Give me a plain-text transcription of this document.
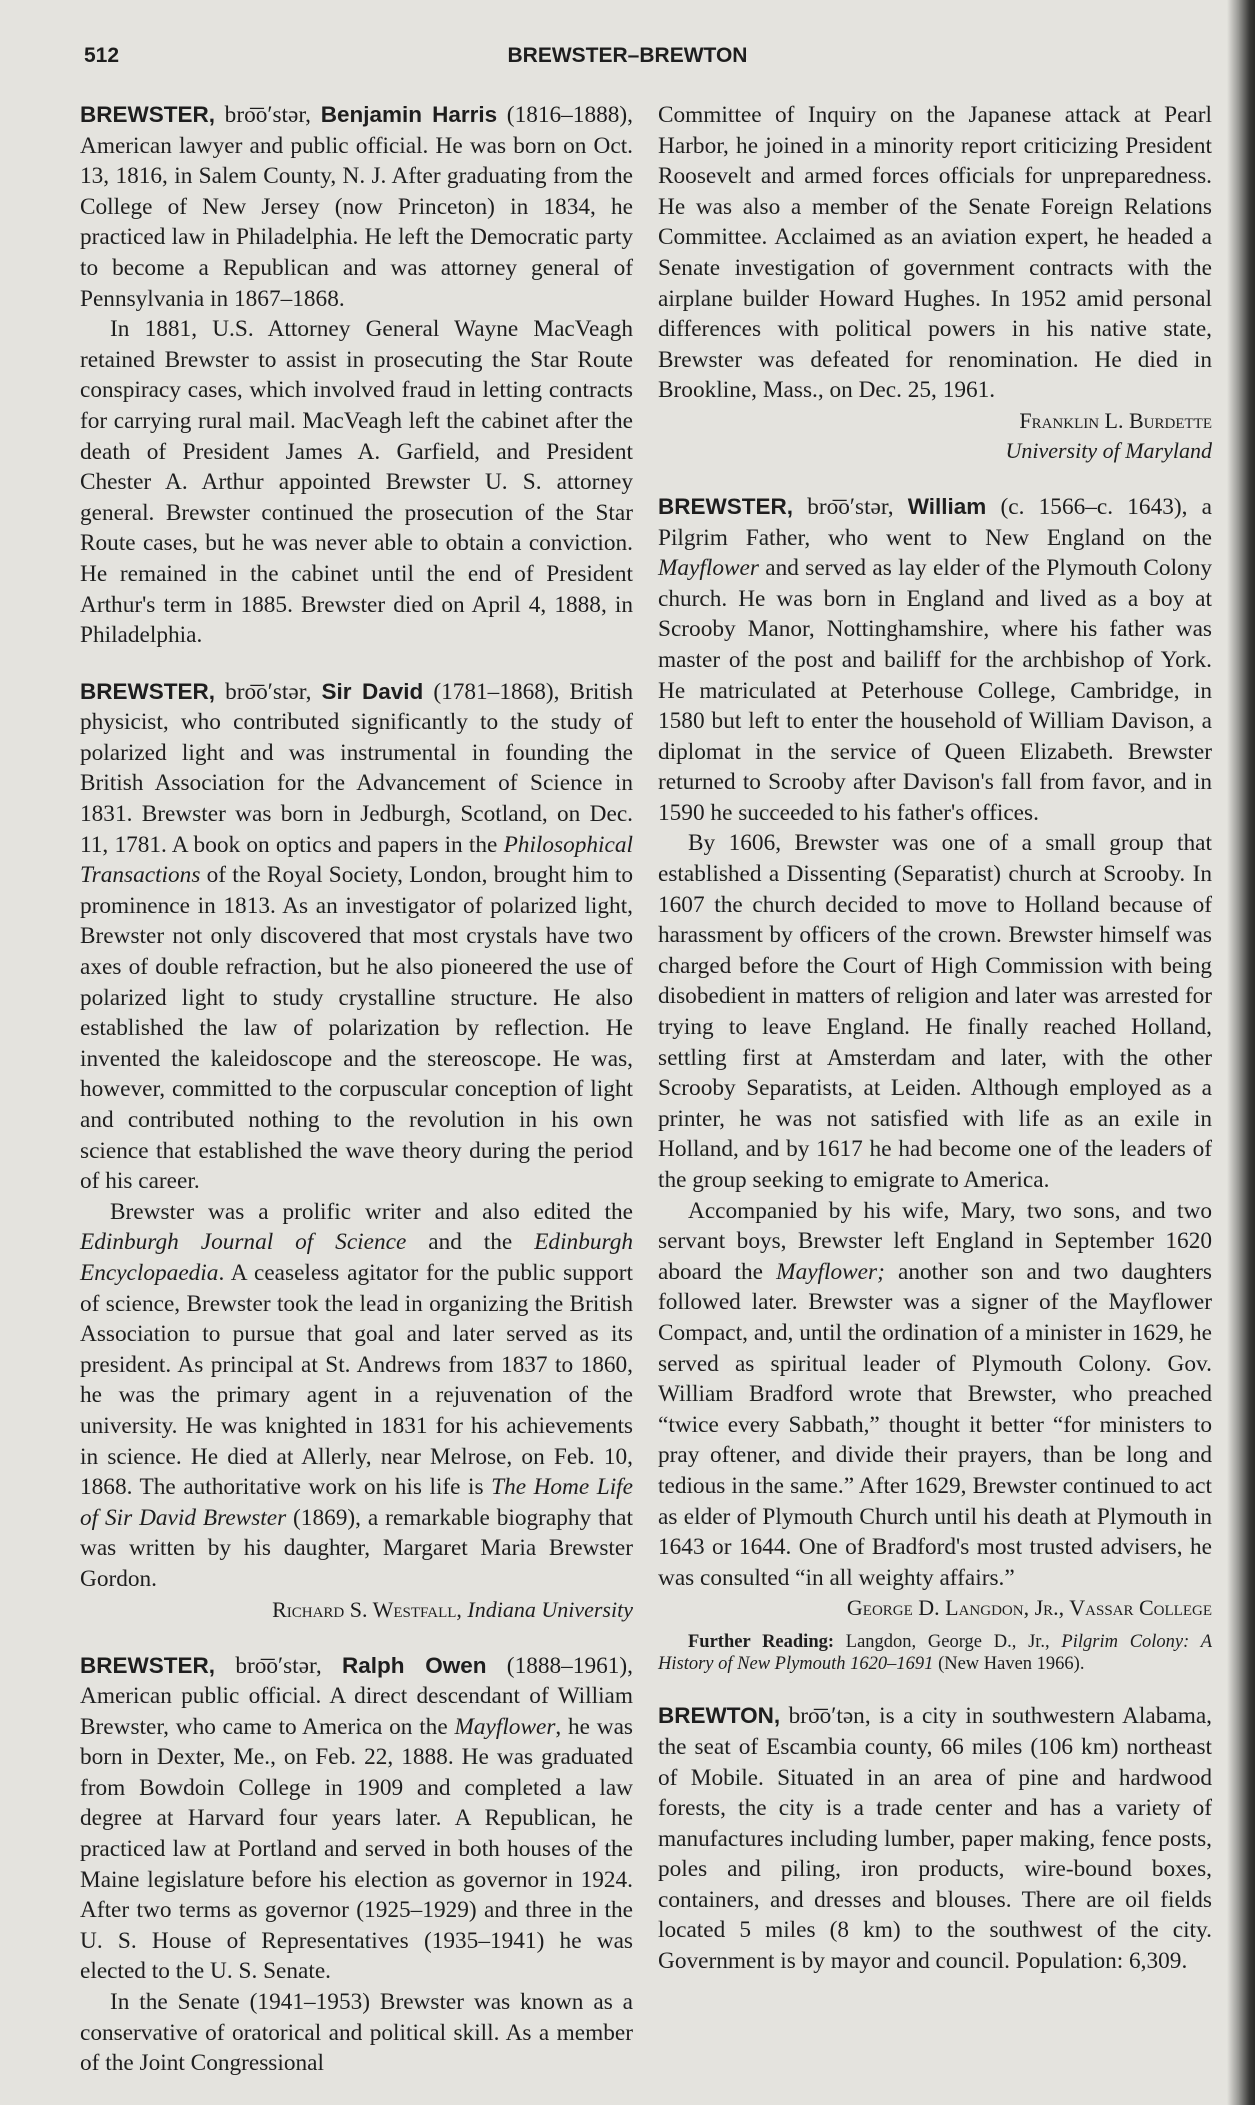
512	BREWSTER–BREWTON

BREWSTER, bro͞o′stər, Benjamin Harris (1816–1888), American lawyer and public official. He was born on Oct. 13, 1816, in Salem County, N. J. After graduating from the College of New Jersey (now Princeton) in 1834, he practiced law in Philadelphia. He left the Democratic party to become a Republican and was attorney general of Pennsylvania in 1867–1868.

In 1881, U.S. Attorney General Wayne MacVeagh retained Brewster to assist in prosecuting the Star Route conspiracy cases, which involved fraud in letting contracts for carrying rural mail. MacVeagh left the cabinet after the death of President James A. Garfield, and President Chester A. Arthur appointed Brewster U. S. attorney general. Brewster continued the prosecution of the Star Route cases, but he was never able to obtain a conviction. He remained in the cabinet until the end of President Arthur's term in 1885. Brewster died on April 4, 1888, in Philadelphia.

BREWSTER, bro͞o′stər, Sir David (1781–1868), British physicist, who contributed significantly to the study of polarized light and was instrumental in founding the British Association for the Advancement of Science in 1831. Brewster was born in Jedburgh, Scotland, on Dec. 11, 1781. A book on optics and papers in the Philosophical Transactions of the Royal Society, London, brought him to prominence in 1813. As an investigator of polarized light, Brewster not only discovered that most crystals have two axes of double refraction, but he also pioneered the use of polarized light to study crystalline structure. He also established the law of polarization by reflection. He invented the kaleidoscope and the stereoscope. He was, however, committed to the corpuscular conception of light and contributed nothing to the revolution in his own science that established the wave theory during the period of his career.

Brewster was a prolific writer and also edited the Edinburgh Journal of Science and the Edinburgh Encyclopaedia. A ceaseless agitator for the public support of science, Brewster took the lead in organizing the British Association to pursue that goal and later served as its president. As principal at St. Andrews from 1837 to 1860, he was the primary agent in a rejuvenation of the university. He was knighted in 1831 for his achievements in science. He died at Allerly, near Melrose, on Feb. 10, 1868. The authoritative work on his life is The Home Life of Sir David Brewster (1869), a remarkable biography that was written by his daughter, Margaret Maria Brewster Gordon.

Richard S. Westfall, Indiana University

BREWSTER, bro͞o′stər, Ralph Owen (1888–1961), American public official. A direct descendant of William Brewster, who came to America on the Mayflower, he was born in Dexter, Me., on Feb. 22, 1888. He was graduated from Bowdoin College in 1909 and completed a law degree at Harvard four years later. A Republican, he practiced law at Portland and served in both houses of the Maine legislature before his election as governor in 1924. After two terms as governor (1925–1929) and three in the U. S. House of Representatives (1935–1941) he was elected to the U. S. Senate.

In the Senate (1941–1953) Brewster was known as a conservative of oratorical and political skill. As a member of the Joint Congressional

Committee of Inquiry on the Japanese attack at Pearl Harbor, he joined in a minority report criticizing President Roosevelt and armed forces officials for unpreparedness. He was also a member of the Senate Foreign Relations Committee. Acclaimed as an aviation expert, he headed a Senate investigation of government contracts with the airplane builder Howard Hughes. In 1952 amid personal differences with political powers in his native state, Brewster was defeated for renomination. He died in Brookline, Mass., on Dec. 25, 1961.

Franklin L. Burdette
University of Maryland

BREWSTER, bro͞o′stər, William (c. 1566–c. 1643), a Pilgrim Father, who went to New England on the Mayflower and served as lay elder of the Plymouth Colony church. He was born in England and lived as a boy at Scrooby Manor, Nottinghamshire, where his father was master of the post and bailiff for the archbishop of York. He matriculated at Peterhouse College, Cambridge, in 1580 but left to enter the household of William Davison, a diplomat in the service of Queen Elizabeth. Brewster returned to Scrooby after Davison's fall from favor, and in 1590 he succeeded to his father's offices.

By 1606, Brewster was one of a small group that established a Dissenting (Separatist) church at Scrooby. In 1607 the church decided to move to Holland because of harassment by officers of the crown. Brewster himself was charged before the Court of High Commission with being disobedient in matters of religion and later was arrested for trying to leave England. He finally reached Holland, settling first at Amsterdam and later, with the other Scrooby Separatists, at Leiden. Although employed as a printer, he was not satisfied with life as an exile in Holland, and by 1617 he had become one of the leaders of the group seeking to emigrate to America.

Accompanied by his wife, Mary, two sons, and two servant boys, Brewster left England in September 1620 aboard the Mayflower; another son and two daughters followed later. Brewster was a signer of the Mayflower Compact, and, until the ordination of a minister in 1629, he served as spiritual leader of Plymouth Colony. Gov. William Bradford wrote that Brewster, who preached “twice every Sabbath,” thought it better “for ministers to pray oftener, and divide their prayers, than be long and tedious in the same.” After 1629, Brewster continued to act as elder of Plymouth Church until his death at Plymouth in 1643 or 1644. One of Bradford's most trusted advisers, he was consulted “in all weighty affairs.”

George D. Langdon, Jr., Vassar College

Further Reading: Langdon, George D., Jr., Pilgrim Colony: A History of New Plymouth 1620–1691 (New Haven 1966).

BREWTON, bro͞o′tən, is a city in southwestern Alabama, the seat of Escambia county, 66 miles (106 km) northeast of Mobile. Situated in an area of pine and hardwood forests, the city is a trade center and has a variety of manufactures including lumber, paper making, fence posts, poles and piling, iron products, wire-bound boxes, containers, and dresses and blouses. There are oil fields located 5 miles (8 km) to the southwest of the city. Government is by mayor and council. Population: 6,309.
